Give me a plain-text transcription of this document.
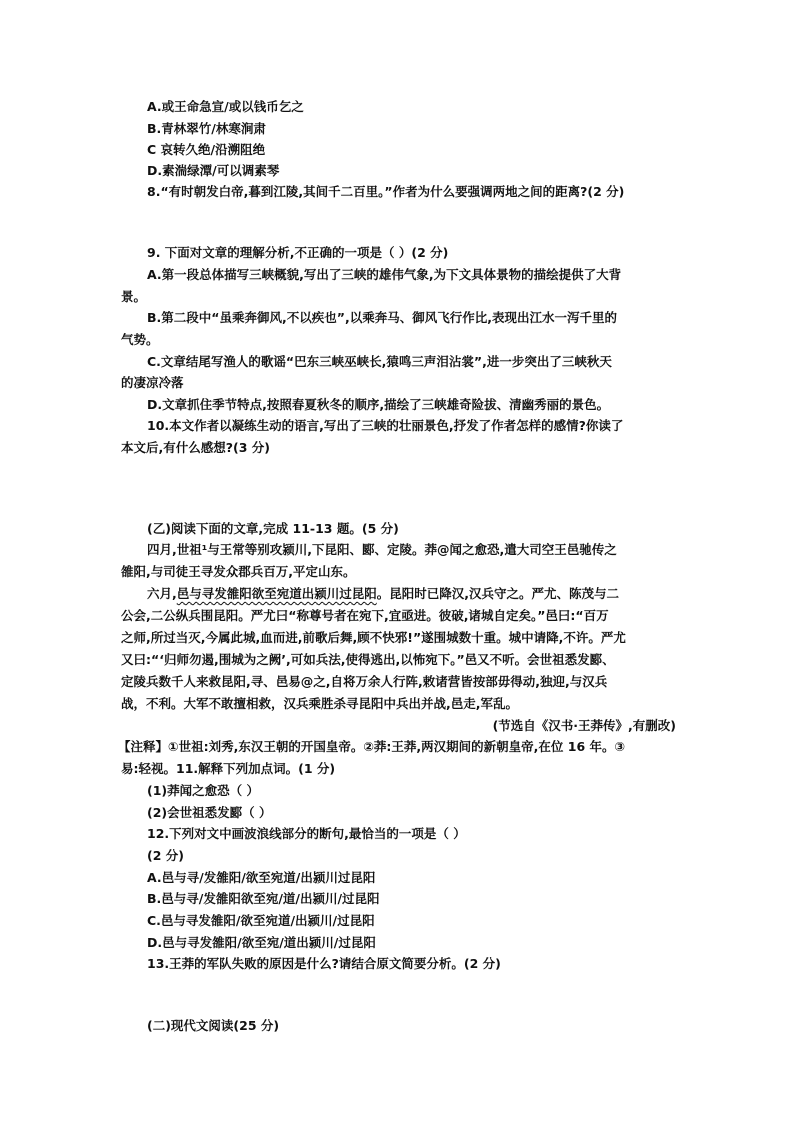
A.或王命急宣/或以钱币乞之
B.青林翠竹/林寒涧肃
C 哀转久绝/沿溯阻绝
D.素湍绿潭/可以调素琴
8.“有时朝发白帝,暮到江陵,其间千二百里。”作者为什么要强调两地之间的距离?(2 分)
9. 下面对文章的理解分析,不正确的一项是（ ）(2 分)
A.第一段总体描写三峡概貌,写出了三峡的雄伟气象,为下文具体景物的描绘提供了大背
景。
B.第二段中“虽乘奔御风,不以疾也”,以乘奔马、御风飞行作比,表现出江水一泻千里的
气势。
C.文章结尾写渔人的歌谣“巴东三峡巫峡长,猿鸣三声泪沾裳”,进一步突出了三峡秋天
的凄凉冷落
D.文章抓住季节特点,按照春夏秋冬的顺序,描绘了三峡雄奇险拔、清幽秀丽的景色。
10.本文作者以凝练生动的语言,写出了三峡的壮丽景色,抒发了作者怎样的感情?你读了
本文后,有什么感想?(3 分)
(乙)阅读下面的文章,完成 11-13 题。(5 分)
四月,世祖¹与王常等别攻颍川,下昆阳、郾、定陵。莽@闻之愈恐,遣大司空王邑驰传之
雒阳,与司徒王寻发众郡兵百万,平定山东。
六月,邑与寻发雒阳欲至宛道出颍川过昆阳。昆阳时已降汉,汉兵守之。严尤、陈茂与二
公会,二公纵兵围昆阳。严尤曰“称尊号者在宛下,宜亟进。彼破,诸城自定矣。”邑曰:“百万
之师,所过当灭,今属此城,血而进,前歌后舞,顾不快邪!”遂围城数十重。城中请降,不许。严尤
又曰:“‘归师勿遏,围城为之阙’,可如兵法,使得逃出,以怖宛下。”邑又不听。会世祖悉发郾、
定陵兵数千人来救昆阳,寻、邑易@之,自将万余人行阵,敕诸营皆按部毋得动,独迎,与汉兵
战，不利。大军不敢擅相救，汉兵乘胜杀寻昆阳中兵出并战,邑走,军乱。
(节选自《汉书·王莽传》,有删改)
【注释】①世祖:刘秀,东汉王朝的开国皇帝。②莽:王莽,两汉期间的新朝皇帝,在位 16 年。③
易:轻视。11.解释下列加点词。(1 分)
(1)莽闻之愈恐（ ）
(2)会世祖悉发郾（ ）
12.下列对文中画波浪线部分的断句,最恰当的一项是（ ）
(2 分)
A.邑与寻/发雒阳/欲至宛道/出颍川过昆阳
B.邑与寻/发雒阳欲至宛/道/出颍川/过昆阳
C.邑与寻发雒阳/欲至宛道/出颍川/过昆阳
D.邑与寻发雒阳/欲至宛/道出颍川/过昆阳
13.王莽的军队失败的原因是什么?请结合原文简要分析。(2 分)
(二)现代文阅读(25 分)
